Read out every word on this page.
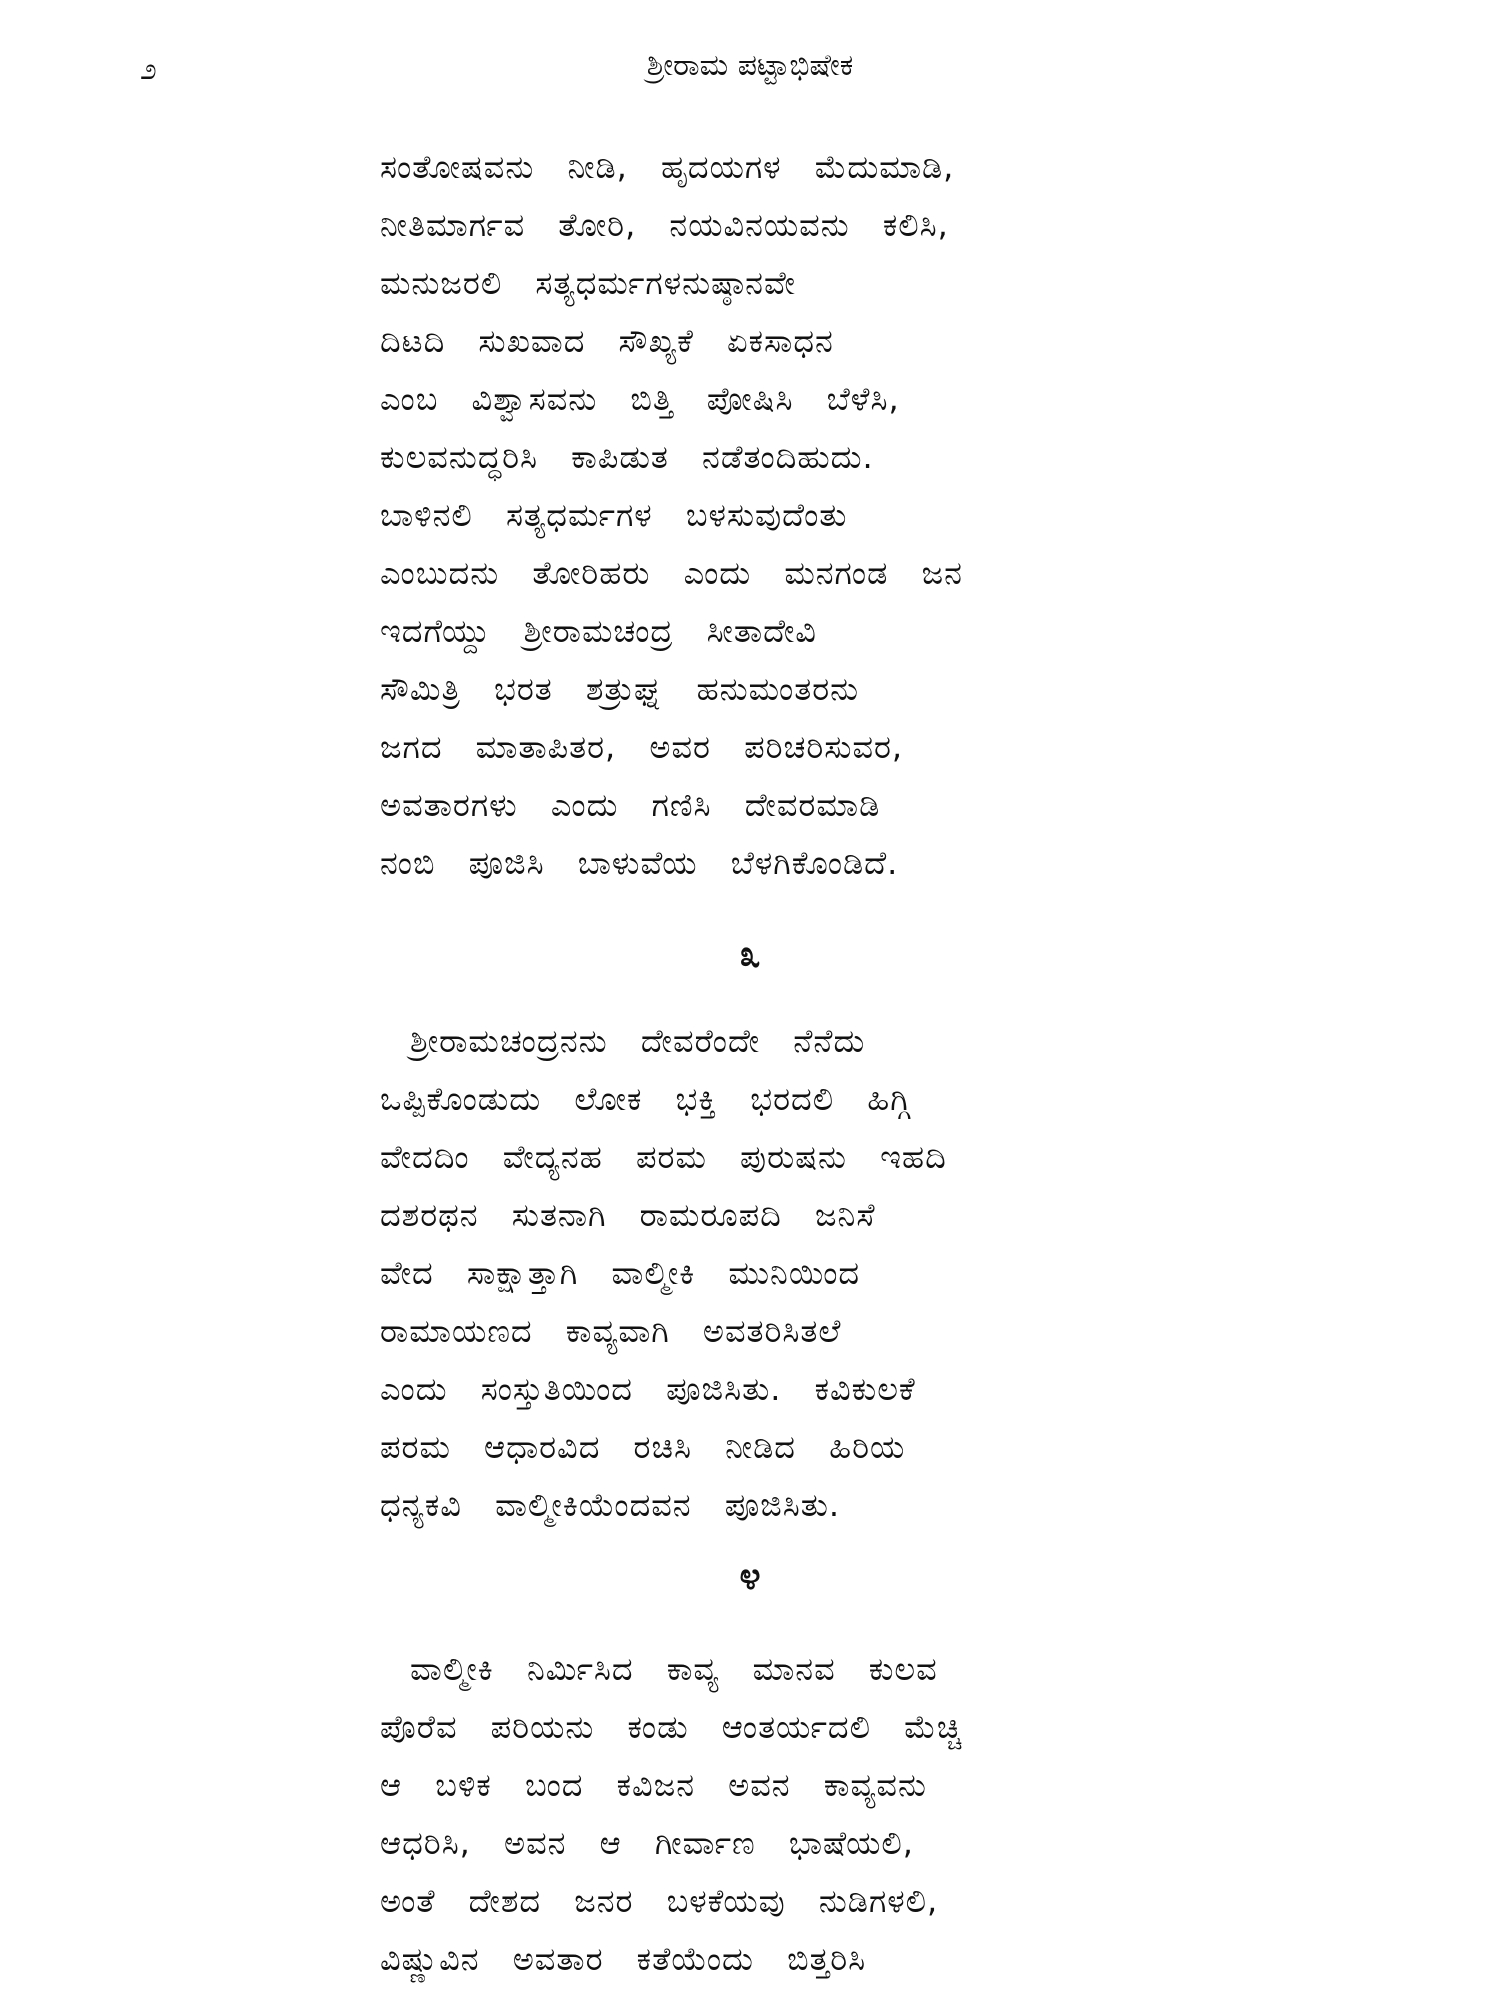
೨	ಶ್ರೀರಾಮ ಪಟ್ಟಾಭಿಷೇಕ
ಸಂತೋಷವನು ನೀಡಿ, ಹೃದಯಗಳ ಮೆದುಮಾಡಿ,
ನೀತಿಮಾರ್ಗವ ತೋರಿ, ನಯವಿನಯವನು ಕಲಿಸಿ,
ಮನುಜರಲಿ ಸತ್ಯಧರ್ಮಗಳನುಷ್ಠಾನವೇ
ದಿಟದಿ ಸುಖವಾದ ಸೌಖ್ಯಕೆ ಏಕಸಾಧನ
ಎಂಬ ವಿಶ್ವಾಸವನು ಬಿತ್ತಿ ಪೋಷಿಸಿ ಬೆಳೆಸಿ,
ಕುಲವನುದ್ಧರಿಸಿ ಕಾಪಿಡುತ ನಡೆತಂದಿಹುದು.
ಬಾಳಿನಲಿ ಸತ್ಯಧರ್ಮಗಳ ಬಳಸುವುದೆಂತು
ಎಂಬುದನು ತೋರಿಹರು ಎಂದು ಮನಗಂಡ ಜನ
ಇದಗೆಯ್ದು ಶ್ರೀರಾಮಚಂದ್ರ ಸೀತಾದೇವಿ
ಸೌಮಿತ್ರಿ ಭರತ ಶತ್ರುಘ್ನ ಹನುಮಂತರನು
ಜಗದ ಮಾತಾಪಿತರ, ಅವರ ಪರಿಚರಿಸುವರ,
ಅವತಾರಗಳು ಎಂದು ಗಣಿಸಿ ದೇವರಮಾಡಿ
ನಂಬಿ ಪೂಜಿಸಿ ಬಾಳುವೆಯ ಬೆಳಗಿಕೊಂಡಿದೆ.
೩
ಶ್ರೀರಾಮಚಂದ್ರನನು ದೇವರೆಂದೇ ನೆನೆದು
ಒಪ್ಪಿಕೊಂಡುದು ಲೋಕ ಭಕ್ತಿ ಭರದಲಿ ಹಿಗ್ಗಿ
ವೇದದಿಂ ವೇದ್ಯನಹ ಪರಮ ಪುರುಷನು ಇಹದಿ
ದಶರಥನ ಸುತನಾಗಿ ರಾಮರೂಪದಿ ಜನಿಸೆ
ವೇದ ಸಾಕ್ಷಾತ್ತಾಗಿ ವಾಲ್ಮೀಕಿ ಮುನಿಯಿಂದ
ರಾಮಾಯಣದ ಕಾವ್ಯವಾಗಿ ಅವತರಿಸಿತಲೆ
ಎಂದು ಸಂಸ್ತುತಿಯಿಂದ ಪೂಜಿಸಿತು. ಕವಿಕುಲಕೆ
ಪರಮ ಆಧಾರವಿದ ರಚಿಸಿ ನೀಡಿದ ಹಿರಿಯ
ಧನ್ಯಕವಿ ವಾಲ್ಮೀಕಿಯೆಂದವನ ಪೂಜಿಸಿತು.
೪
ವಾಲ್ಮೀಕಿ ನಿರ್ಮಿಸಿದ ಕಾವ್ಯ ಮಾನವ ಕುಲವ
ಪೊರೆವ ಪರಿಯನು ಕಂಡು ಆಂತರ್ಯದಲಿ ಮೆಚ್ಚಿ
ಆ ಬಳಿಕ ಬಂದ ಕವಿಜನ ಅವನ ಕಾವ್ಯವನು
ಆಧರಿಸಿ, ಅವನ ಆ ಗೀರ್ವಾಣ ಭಾಷೆಯಲಿ,
ಅಂತೆ ದೇಶದ ಜನರ ಬಳಕೆಯವು ನುಡಿಗಳಲಿ,
ವಿಷ್ಣುವಿನ ಅವತಾರ ಕತೆಯೆಂದು ಬಿತ್ತರಿಸಿ
